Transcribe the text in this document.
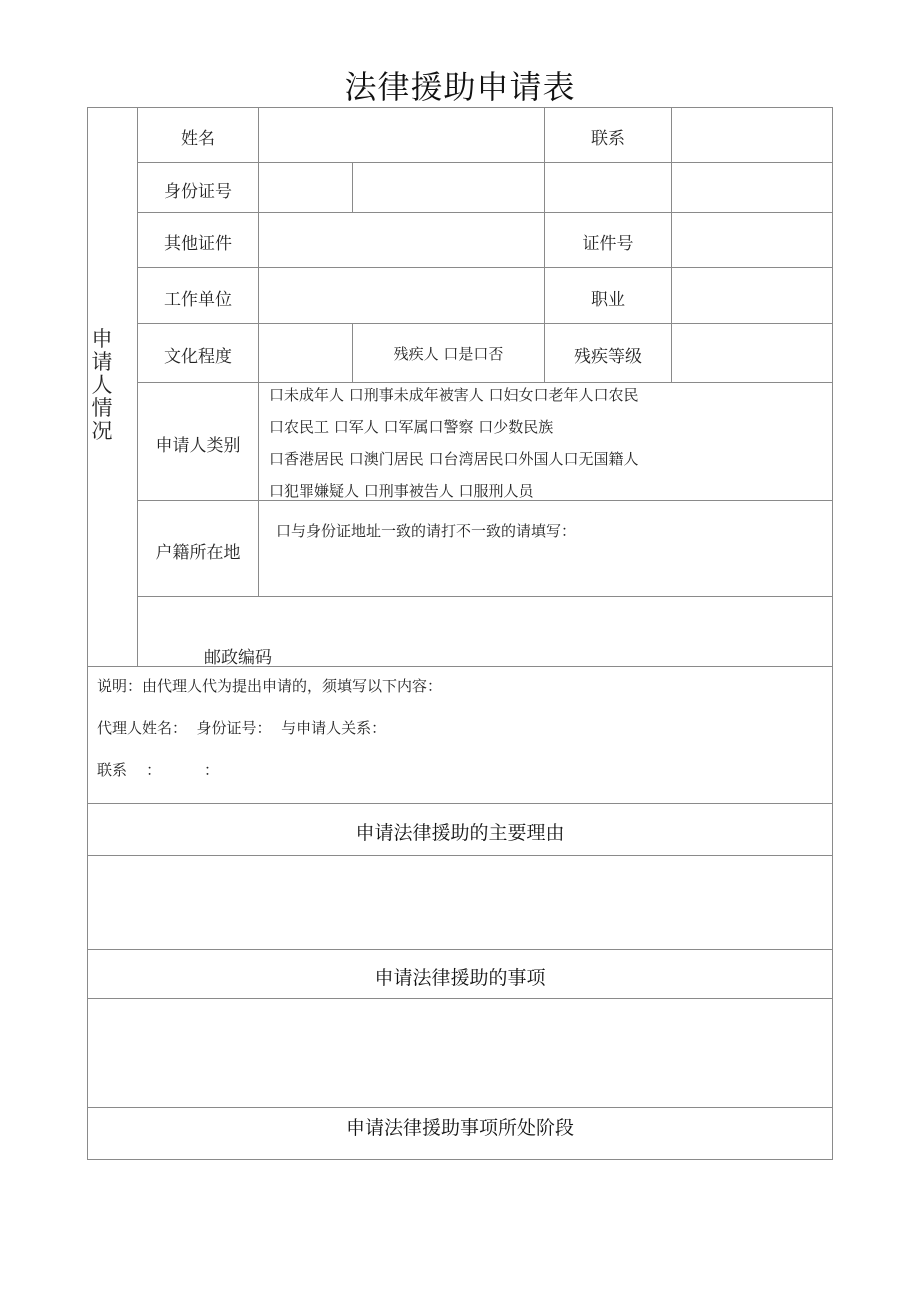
法律援助申请表
申请人情况
姓名	联系
身份证号
其他证件	证件号
工作单位	职业
文化程度	残疾人 口是口否	残疾等级
申请人类别
口未成年人 口刑事未成年被害人 口妇女口老年人口农民
口农民工 口军人 口军属口警察 口少数民族
口香港居民 口澳门居民 口台湾居民口外国人口无国籍人
口犯罪嫌疑人 口刑事被告人 口服刑人员
户籍所在地
口与身份证地址一致的请打不一致的请填写：
邮政编码
说明：由代理人代为提出申请的，须填写以下内容：
代理人姓名：  身份证号：  与申请人关系：
联系    ：         ：
申请法律援助的主要理由
申请法律援助的事项
申请法律援助事项所处阶段
